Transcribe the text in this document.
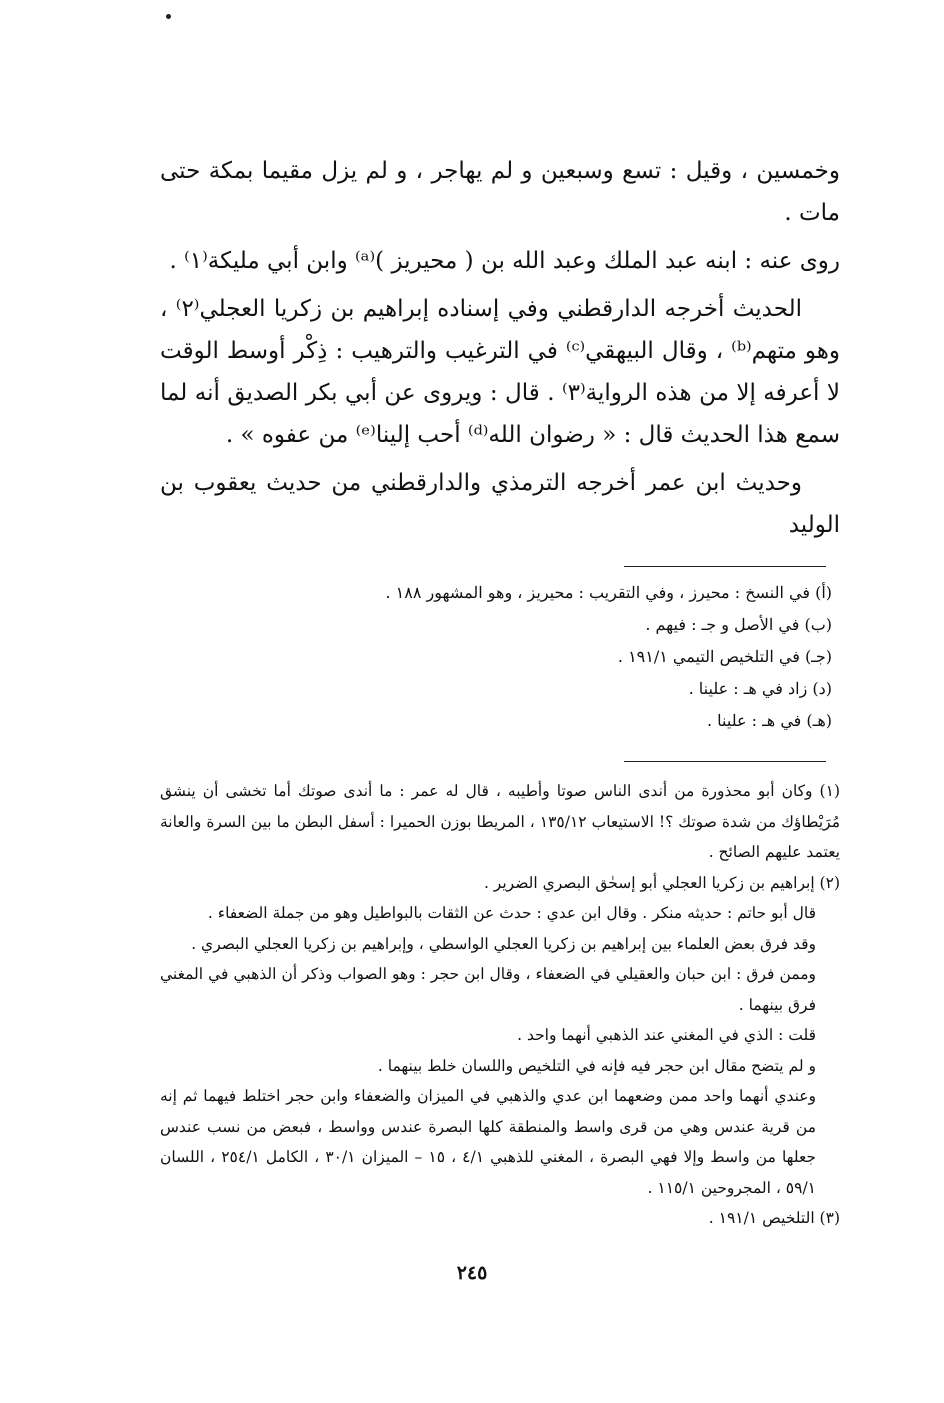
وخمسين ، وقيل : تسع وسبعين و لم يهاجر ، و لم يزل مقيما بمكة حتى مات .

روى عنه : ابنه عبد الملك وعبد الله بن ( محيريز )⁽ᵃ⁾ وابن أبي مليكة⁽١⁾ .

الحديث أخرجه الدارقطني وفي إسناده إبراهيم بن زكريا العجلي⁽٢⁾ ، وهو متهم⁽ᵇ⁾ ، وقال البيهقي⁽ᶜ⁾ في الترغيب والترهيب : ذِكْر أوسط الوقت لا أعرفه إلا من هذه الرواية⁽٣⁾ . قال : ويروى عن أبي بكر الصديق أنه لما سمع هذا الحديث قال : « رضوان الله⁽ᵈ⁾ أحب إلينا⁽ᵉ⁾ من عفوه » .

وحديث ابن عمر أخرجه الترمذي والدارقطني من حديث يعقوب بن الوليد

(أ) في النسخ : محيرز ، وفي التقريب : محيريز ، وهو المشهور ١٨٨ .
(ب) في الأصل و جـ : فيهم .
(جـ) في التلخيص التيمي ١٩١/١ .
(د) زاد في هـ : علينا .
(هـ) في هـ : علينا .

(١) وكان أبو محذورة من أندى الناس صوتا وأطيبه ، قال له عمر : ما أندى صوتك أما تخشى أن ينشق مُرَيْطاؤك من شدة صوتك ؟! الاستيعاب ١٣٥/١٢ ، المريطا بوزن الحميرا : أسفل البطن ما بين السرة والعانة يعتمد عليهم الصائح .

(٢) إبراهيم بن زكريا العجلي أبو إسحٰق البصري الضرير .

قال أبو حاتم : حديثه منكر . وقال ابن عدي : حدث عن الثقات بالبواطيل وهو من جملة الضعفاء .

وقد فرق بعض العلماء بين إبراهيم بن زكريا العجلي الواسطي ، وإبراهيم بن زكريا العجلي البصري .

وممن فرق : ابن حبان والعقيلي في الضعفاء ، وقال ابن حجر : وهو الصواب وذكر أن الذهبي في المغني فرق بينهما .

قلت : الذي في المغني عند الذهبي أنهما واحد .

و لم يتضح مقال ابن حجر فيه فإنه في التلخيص واللسان خلط بينهما .

وعندي أنهما واحد ممن وضعهما ابن عدي والذهبي في الميزان والضعفاء وابن حجر اختلط فيهما ثم إنه من قرية عندس وهي من قرى واسط والمنطقة كلها البصرة عندس وواسط ، فبعض من نسب عندس جعلها من واسط وإلا فهي البصرة ، المغني للذهبي ٤/١ ، ١٥ – الميزان ٣٠/١ ، الكامل ٢٥٤/١ ، اللسان ٥٩/١ ، المجروحين ١١٥/١ .

(٣) التلخيص ١٩١/١ .

٢٤٥
